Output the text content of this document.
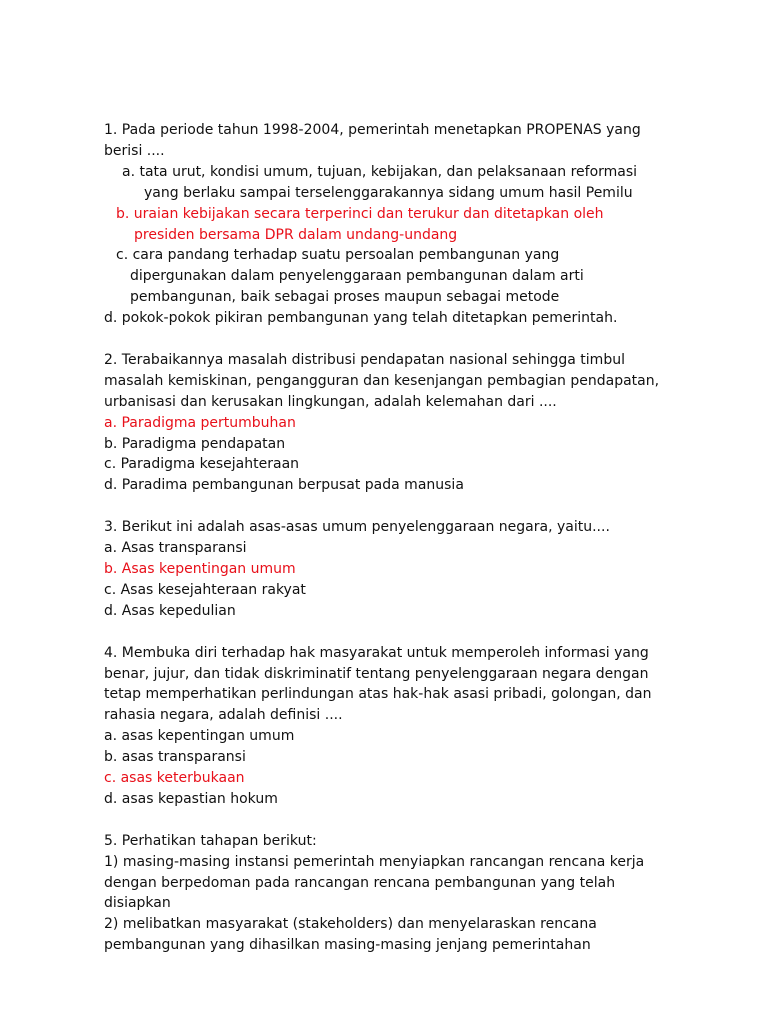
1. Pada periode tahun 1998-2004, pemerintah menetapkan PROPENAS yang
berisi ....
a. tata urut, kondisi umum, tujuan, kebijakan, dan pelaksanaan reformasi
yang berlaku sampai terselenggarakannya sidang umum hasil Pemilu
b. uraian kebijakan secara terperinci dan terukur dan ditetapkan oleh
presiden bersama DPR dalam undang-undang
c. cara pandang terhadap suatu persoalan pembangunan yang
dipergunakan dalam penyelenggaraan pembangunan dalam arti
pembangunan, baik sebagai proses maupun sebagai metode
d. pokok-pokok pikiran pembangunan yang telah ditetapkan pemerintah.
2. Terabaikannya masalah distribusi pendapatan nasional sehingga timbul
masalah kemiskinan, pengangguran dan kesenjangan pembagian pendapatan,
urbanisasi dan kerusakan lingkungan, adalah kelemahan dari ....
a. Paradigma pertumbuhan
b. Paradigma pendapatan
c. Paradigma kesejahteraan
d. Paradima pembangunan berpusat pada manusia
3. Berikut ini adalah asas-asas umum penyelenggaraan negara, yaitu....
a. Asas transparansi
b. Asas kepentingan umum
c. Asas kesejahteraan rakyat
d. Asas kepedulian
4. Membuka diri terhadap hak masyarakat untuk memperoleh informasi yang
benar, jujur, dan tidak diskriminatif tentang penyelenggaraan negara dengan
tetap memperhatikan perlindungan atas hak-hak asasi pribadi, golongan, dan
rahasia negara, adalah definisi ....
a. asas kepentingan umum
b. asas transparansi
c. asas keterbukaan
d. asas kepastian hokum
5. Perhatikan tahapan berikut:
1) masing-masing instansi pemerintah menyiapkan rancangan rencana kerja
dengan berpedoman pada rancangan rencana pembangunan yang telah
disiapkan
2) melibatkan masyarakat (stakeholders) dan menyelaraskan rencana
pembangunan yang dihasilkan masing-masing jenjang pemerintahan
